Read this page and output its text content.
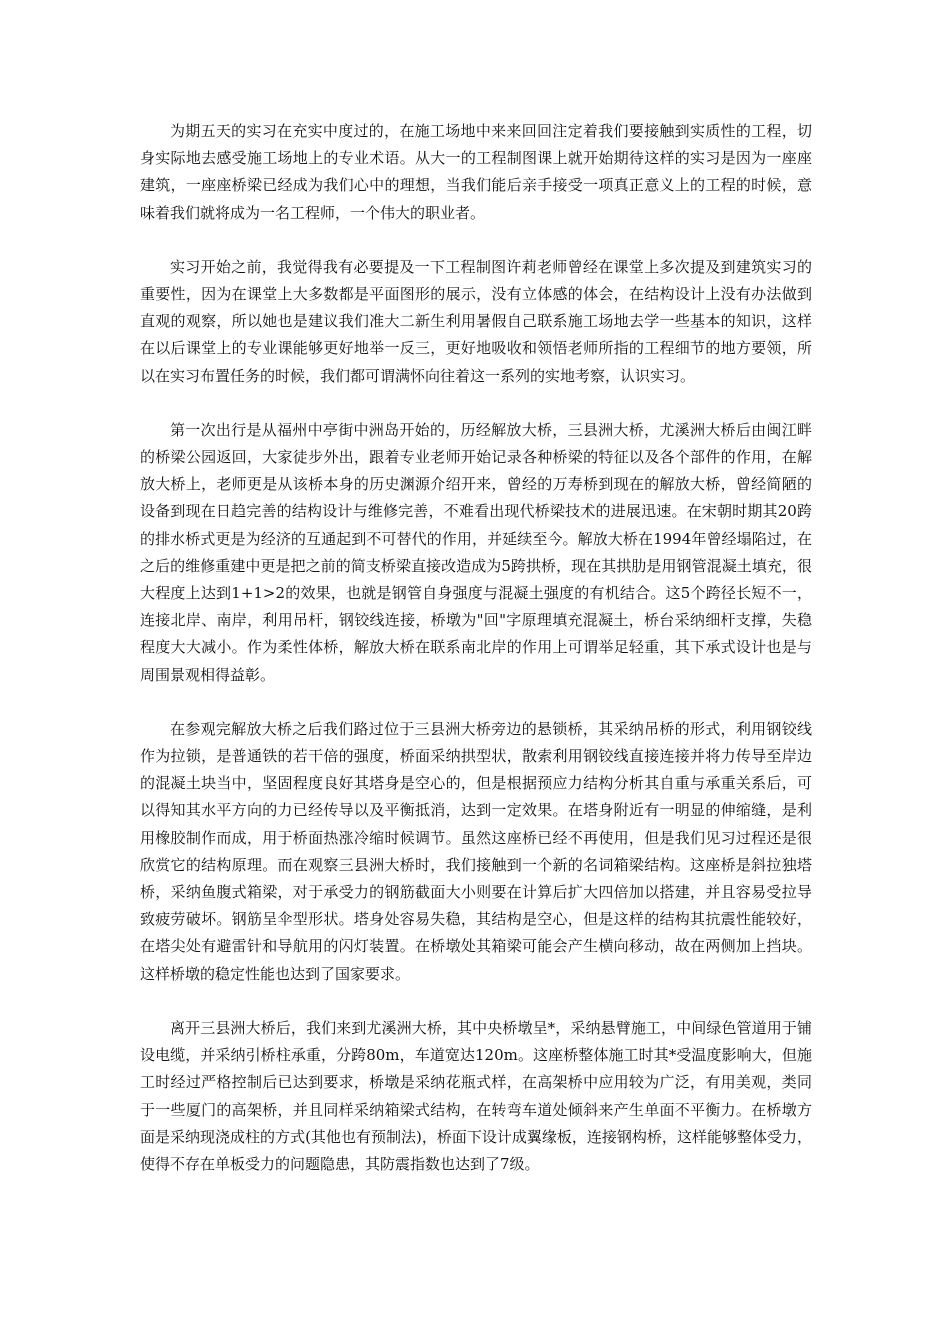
为期五天的实习在充实中度过的，在施工场地中来来回回注定着我们要接触到实质性的工程，切身实际地去感受施工场地上的专业术语。从大一的工程制图课上就开始期待这样的实习是因为一座座建筑，一座座桥梁已经成为我们心中的理想，当我们能后亲手接受一项真正意义上的工程的时候，意味着我们就将成为一名工程师，一个伟大的职业者。

实习开始之前，我觉得我有必要提及一下工程制图许莉老师曾经在课堂上多次提及到建筑实习的重要性，因为在课堂上大多数都是平面图形的展示，没有立体感的体会，在结构设计上没有办法做到直观的观察，所以她也是建议我们准大二新生利用暑假自己联系施工场地去学一些基本的知识，这样在以后课堂上的专业课能够更好地举一反三，更好地吸收和领悟老师所指的工程细节的地方要领，所以在实习布置任务的时候，我们都可谓满怀向往着这一系列的实地考察，认识实习。

第一次出行是从福州中亭街中洲岛开始的，历经解放大桥，三县洲大桥，尤溪洲大桥后由闽江畔的桥梁公园返回，大家徒步外出，跟着专业老师开始记录各种桥梁的特征以及各个部件的作用，在解放大桥上，老师更是从该桥本身的历史渊源介绍开来，曾经的万寿桥到现在的解放大桥，曾经简陋的设备到现在日趋完善的结构设计与维修完善，不难看出现代桥梁技术的进展迅速。在宋朝时期其20跨的排水桥式更是为经济的互通起到不可替代的作用，并延续至今。解放大桥在1994年曾经塌陷过，在之后的维修重建中更是把之前的简支桥梁直接改造成为5跨拱桥，现在其拱肋是用钢管混凝土填充，很大程度上达到1+1>2的效果，也就是钢管自身强度与混凝土强度的有机结合。这5个跨径长短不一，连接北岸、南岸，利用吊杆，钢铰线连接，桥墩为"回"字原理填充混凝土，桥台采纳细杆支撑，失稳程度大大减小。作为柔性体桥，解放大桥在联系南北岸的作用上可谓举足轻重，其下承式设计也是与周围景观相得益彰。

在参观完解放大桥之后我们路过位于三县洲大桥旁边的悬锁桥，其采纳吊桥的形式，利用钢铰线作为拉锁，是普通铁的若干倍的强度，桥面采纳拱型状，散索利用钢铰线直接连接并将力传导至岸边的混凝土块当中，坚固程度良好其塔身是空心的，但是根据预应力结构分析其自重与承重关系后，可以得知其水平方向的力已经传导以及平衡抵消，达到一定效果。在塔身附近有一明显的伸缩缝，是利用橡胶制作而成，用于桥面热涨冷缩时候调节。虽然这座桥已经不再使用，但是我们见习过程还是很欣赏它的结构原理。而在观察三县洲大桥时，我们接触到一个新的名词箱梁结构。这座桥是斜拉独塔桥，采纳鱼腹式箱梁，对于承受力的钢筋截面大小则要在计算后扩大四倍加以搭建，并且容易受拉导致疲劳破坏。钢筋呈伞型形状。塔身处容易失稳，其结构是空心，但是这样的结构其抗震性能较好，在塔尖处有避雷针和导航用的闪灯装置。在桥墩处其箱梁可能会产生横向移动，故在两侧加上挡块。这样桥墩的稳定性能也达到了国家要求。

离开三县洲大桥后，我们来到尤溪洲大桥，其中央桥墩呈*，采纳悬臂施工，中间绿色管道用于铺设电缆，并采纳引桥柱承重，分跨80m，车道宽达120m。这座桥整体施工时其*受温度影响大，但施工时经过严格控制后已达到要求，桥墩是采纳花瓶式样，在高架桥中应用较为广泛，有用美观，类同于一些厦门的高架桥，并且同样采纳箱梁式结构，在转弯车道处倾斜来产生单面不平衡力。在桥墩方面是采纳现浇成柱的方式(其他也有预制法)，桥面下设计成翼缘板，连接钢构桥，这样能够整体受力，使得不存在单板受力的问题隐患，其防震指数也达到了7级。
